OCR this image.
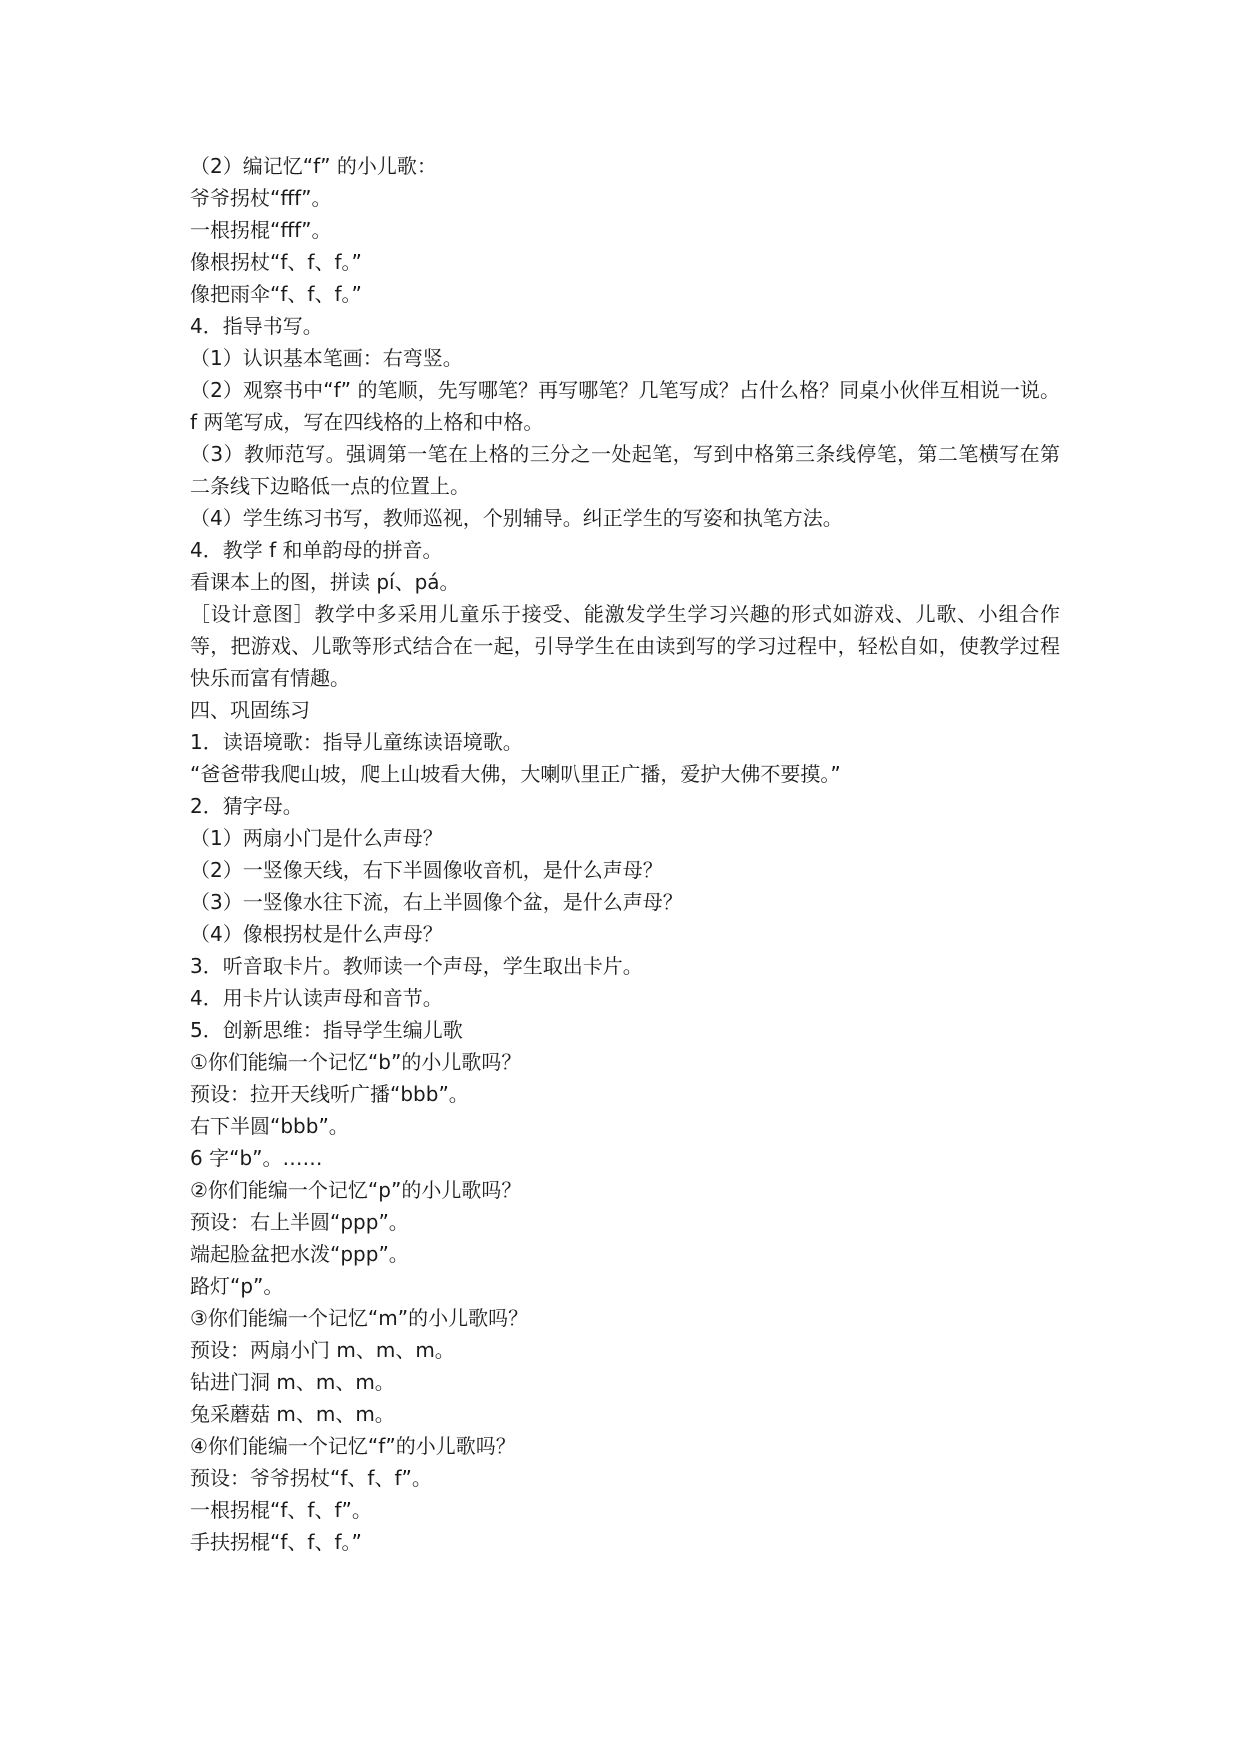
（2）编记忆“f” 的小儿歌：

爷爷拐杖“fff”。

一根拐棍“fff”。

像根拐杖“f、f、f。”

像把雨伞“f、f、f。”

4．指导书写。

（1）认识基本笔画：右弯竖。

（2）观察书中“f” 的笔顺，先写哪笔？再写哪笔？几笔写成？占什么格？同桌小伙伴互相说一说。f 两笔写成，写在四线格的上格和中格。

（3）教师范写。强调第一笔在上格的三分之一处起笔，写到中格第三条线停笔，第二笔横写在第二条线下边略低一点的位置上。

（4）学生练习书写，教师巡视，个别辅导。纠正学生的写姿和执笔方法。

4．教学 f 和单韵母的拼音。

看课本上的图，拼读 pí、pá。

［设计意图］教学中多采用儿童乐于接受、能激发学生学习兴趣的形式如游戏、儿歌、小组合作等，把游戏、儿歌等形式结合在一起，引导学生在由读到写的学习过程中，轻松自如，使教学过程快乐而富有情趣。

四、巩固练习

1．读语境歌：指导儿童练读语境歌。

“爸爸带我爬山坡，爬上山坡看大佛，大喇叭里正广播，爱护大佛不要摸。”

2．猜字母。

（1）两扇小门是什么声母？

（2）一竖像天线，右下半圆像收音机，是什么声母？

（3）一竖像水往下流，右上半圆像个盆，是什么声母？

（4）像根拐杖是什么声母？

3．听音取卡片。教师读一个声母，学生取出卡片。

4．用卡片认读声母和音节。

5．创新思维：指导学生编儿歌

①你们能编一个记忆“b”的小儿歌吗？

预设：拉开天线听广播“bbb”。

右下半圆“bbb”。

6 字“b”。……

②你们能编一个记忆“p”的小儿歌吗？

预设：右上半圆“ppp”。

端起脸盆把水泼“ppp”。

路灯“p”。

③你们能编一个记忆“m”的小儿歌吗？

预设：两扇小门 m、m、m。

钻进门洞 m、m、m。

兔采蘑菇 m、m、m。

④你们能编一个记忆“f”的小儿歌吗？

预设：爷爷拐杖“f、f、f”。

一根拐棍“f、f、f”。

手扶拐棍“f、f、f。”
